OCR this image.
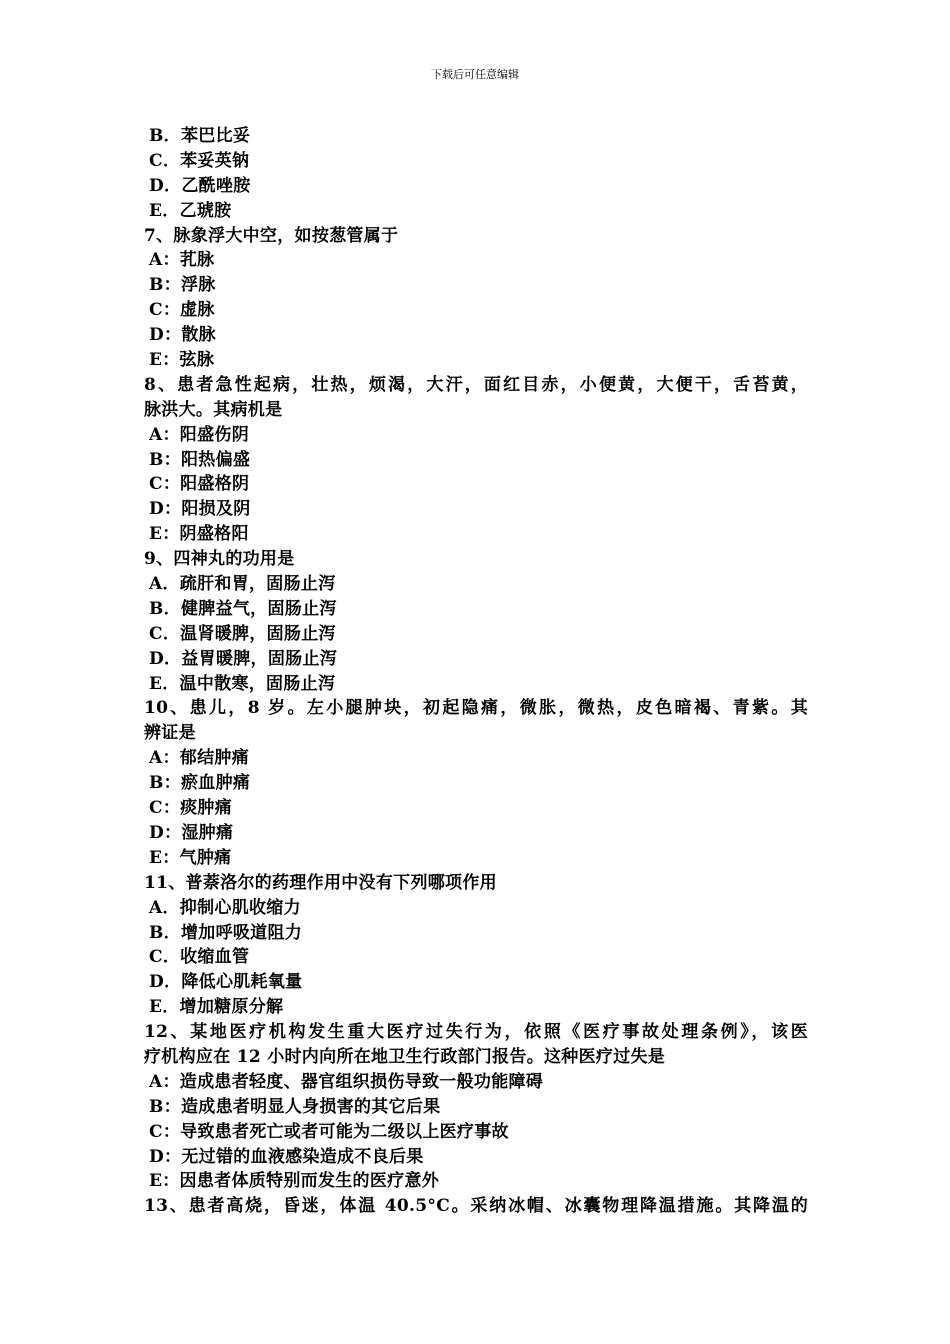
下载后可任意编辑
B．苯巴比妥
C．苯妥英钠
D．乙酰唑胺
E．乙琥胺
7、脉象浮大中空，如按葱管属于
A：芤脉
B：浮脉
C：虚脉
D：散脉
E：弦脉
8、患者急性起病，壮热，烦渴，大汗，面红目赤，小便黄，大便干，舌苔黄，
脉洪大。其病机是
A：阳盛伤阴
B：阳热偏盛
C：阳盛格阴
D：阳损及阴
E：阴盛格阳
9、四神丸的功用是
A．疏肝和胃，固肠止泻
B．健脾益气，固肠止泻
C．温肾暖脾，固肠止泻
D．益胃暖脾，固肠止泻
E．温中散寒，固肠止泻
10、患儿，8 岁。左小腿肿块，初起隐痛，微胀，微热，皮色暗褐、青紫。其
辨证是
A：郁结肿痛
B：瘀血肿痛
C：痰肿痛
D：湿肿痛
E：气肿痛
11、普萘洛尔的药理作用中没有下列哪项作用
A．抑制心肌收缩力
B．增加呼吸道阻力
C．收缩血管
D．降低心肌耗氧量
E．增加糖原分解
12、某地医疗机构发生重大医疗过失行为，依照《医疗事故处理条例》，该医
疗机构应在 12 小时内向所在地卫生行政部门报告。这种医疗过失是
A：造成患者轻度、器官组织损伤导致一般功能障碍
B：造成患者明显人身损害的其它后果
C：导致患者死亡或者可能为二级以上医疗事故
D：无过错的血液感染造成不良后果
E：因患者体质特别而发生的医疗意外
13、患者高烧，昏迷，体温 40.5°C。采纳冰帽、冰囊物理降温措施。其降温的
